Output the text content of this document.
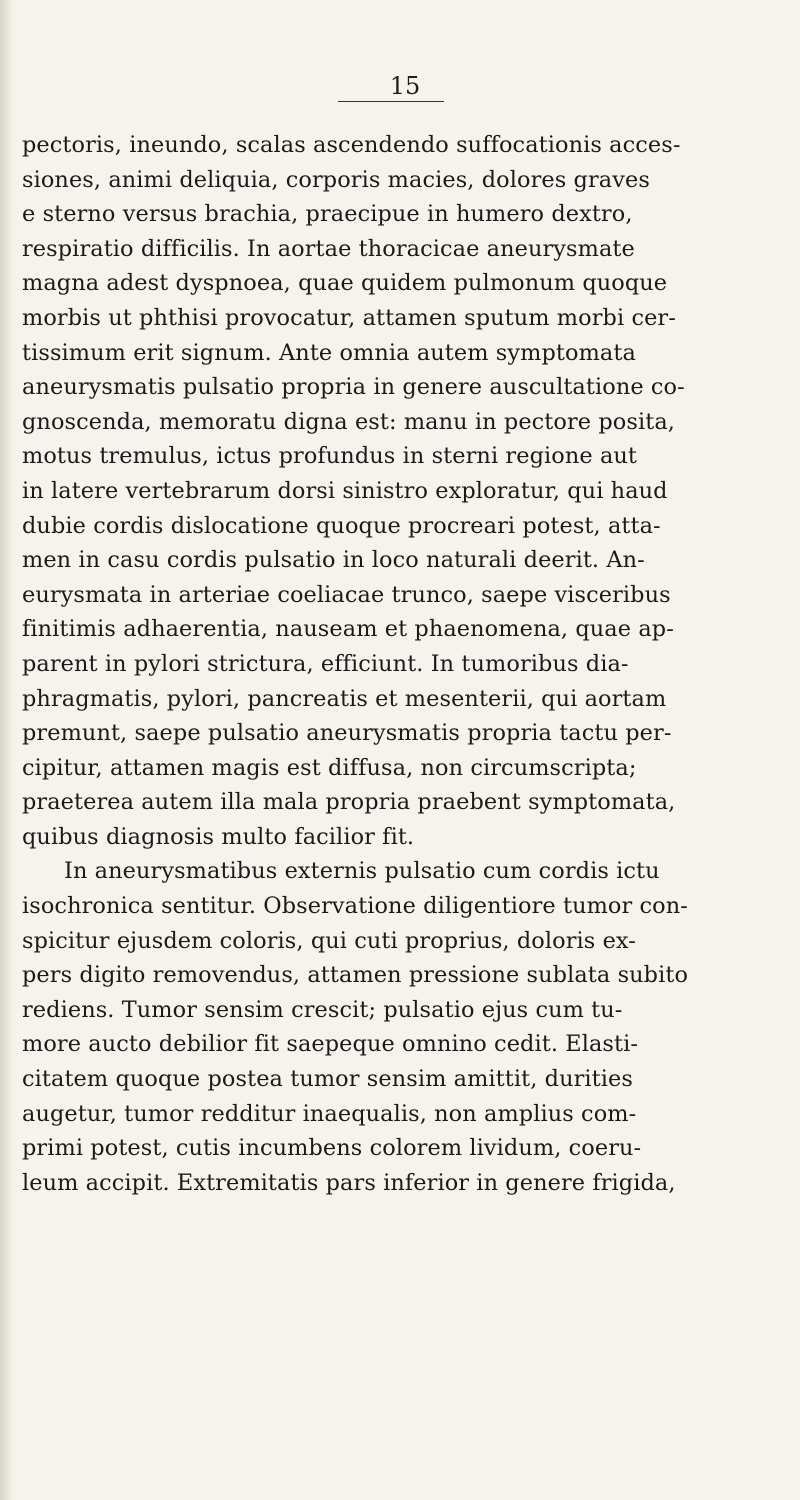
15
pectoris, ineundo, scalas ascendendo suffocationis acces-
siones, animi deliquia, corporis macies, dolores graves
e sterno versus brachia, praecipue in humero dextro,
respiratio difficilis. In aortae thoracicae aneurysmate
magna adest dyspnoea, quae quidem pulmonum quoque
morbis ut phthisi provocatur, attamen sputum morbi cer-
tissimum erit signum. Ante omnia autem symptomata
aneurysmatis pulsatio propria in genere auscultatione co-
gnoscenda, memoratu digna est: manu in pectore posita,
motus tremulus, ictus profundus in sterni regione aut
in latere vertebrarum dorsi sinistro exploratur, qui haud
dubie cordis dislocatione quoque procreari potest, atta-
men in casu cordis pulsatio in loco naturali deerit. An-
eurysmata in arteriae coeliacae trunco, saepe visceribus
finitimis adhaerentia, nauseam et phaenomena, quae ap-
parent in pylori strictura, efficiunt. In tumoribus dia-
phragmatis, pylori, pancreatis et mesenterii, qui aortam
premunt, saepe pulsatio aneurysmatis propria tactu per-
cipitur, attamen magis est diffusa, non circumscripta;
praeterea autem illa mala propria praebent symptomata,
quibus diagnosis multo facilior fit.
In aneurysmatibus externis pulsatio cum cordis ictu
isochronica sentitur. Observatione diligentiore tumor con-
spicitur ejusdem coloris, qui cuti proprius, doloris ex-
pers digito removendus, attamen pressione sublata subito
rediens. Tumor sensim crescit; pulsatio ejus cum tu-
more aucto debilior fit saepeque omnino cedit. Elasti-
citatem quoque postea tumor sensim amittit, durities
augetur, tumor redditur inaequalis, non amplius com-
primi potest, cutis incumbens colorem lividum, coeru-
leum accipit. Extremitatis pars inferior in genere frigida,
